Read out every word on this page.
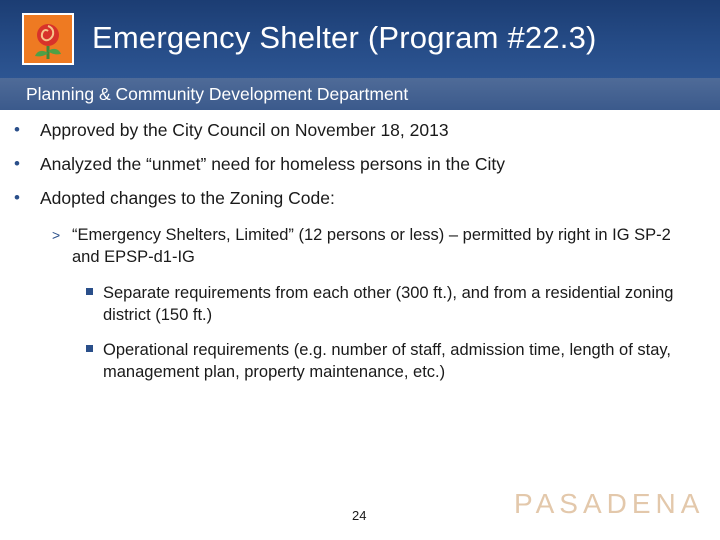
Emergency Shelter (Program #22.3)
Planning & Community Development Department
• Approved by the City Council on November 18, 2013
• Analyzed the “unmet” need for homeless persons in the City
• Adopted changes to the Zoning Code:
> “Emergency Shelters, Limited” (12 persons or less) – permitted by right in IG SP-2 and EPSP-d1-IG
Separate requirements from each other (300 ft.), and from a residential zoning district (150 ft.)
Operational requirements (e.g. number of staff, admission time, length of stay, management plan, property maintenance, etc.)
24	PASADENA
